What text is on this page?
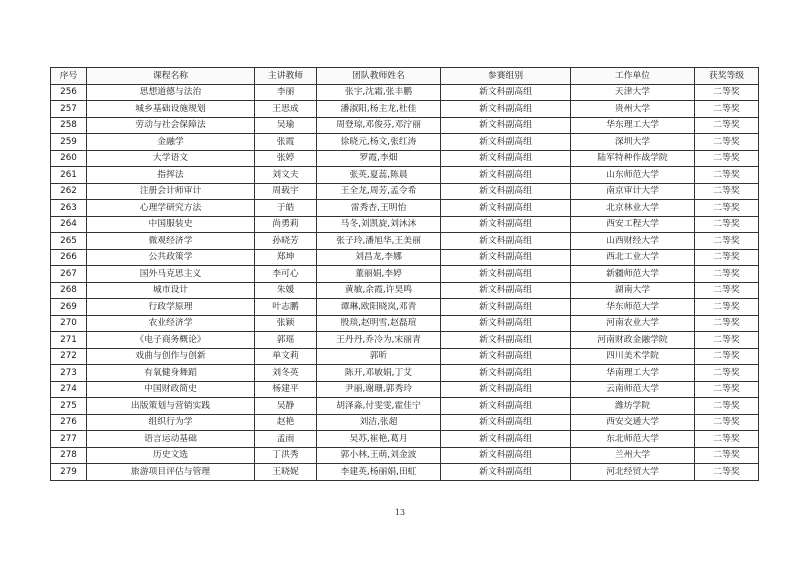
序号	课程名称	主讲教师	团队教师姓名	参赛组别	工作单位	获奖等级
256	思想道德与法治	李丽	张宇,沈霜,张丰鹏	新文科副高组	天津大学	二等奖
257	城乡基础设施规划	王思成	潘淑阳,杨主龙,杜佳	新文科副高组	贵州大学	二等奖
258	劳动与社会保障法	吴瑜	周登琼,邓俊芬,邓泞丽	新文科副高组	华东理工大学	二等奖
259	金融学	张霞	徐晓元,杨文,张红涛	新文科副高组	深圳大学	二等奖
260	大学语文	张婷	罗霞,李畑	新文科副高组	陆军特种作战学院	二等奖
261	指挥法	刘文夫	张英,夏蕊,陈晨	新文科副高组	山东师范大学	二等奖
262	注册会计师审计	周载宇	王全龙,周芳,孟令希	新文科副高组	南京审计大学	二等奖
263	心理学研究方法	于皓	雷秀杏,王明怡	新文科副高组	北京林业大学	二等奖
264	中国服装史	尚勇莉	马冬,刘凯旋,刘沐沐	新文科副高组	西安工程大学	二等奖
265	微观经济学	孙晓芳	张子玲,潘旭华,王美丽	新文科副高组	山西财经大学	二等奖
266	公共政策学	郑坤	刘昌龙,李娜	新文科副高组	西北工业大学	二等奖
267	国外马克思主义	李可心	董丽娟,李婷	新文科副高组	新疆师范大学	二等奖
268	城市设计	朱媛	黄敏,余霞,许昊鸣	新文科副高组	湖南大学	二等奖
269	行政学原理	叶志鹏	谭琳,欧阳晓岚,邓青	新文科副高组	华东师范大学	二等奖
270	农业经济学	张颖	殷琰,赵明雪,赵磊瑄	新文科副高组	河南农业大学	二等奖
271	《电子商务概论》	郭瑶	王丹丹,乔冷为,宋丽青	新文科副高组	河南财政金融学院	二等奖
272	戏曲与创作与创新	单文莉	郭昕	新文科副高组	四川美术学院	二等奖
273	有氧健身舞蹈	刘冬英	陈开,邓敏娟,丁艾	新文科副高组	华南理工大学	二等奖
274	中国财政简史	杨建平	尹丽,谢珊,郭秀玲	新文科副高组	云南师范大学	二等奖
275	出版策划与营销实践	吴静	胡泽淼,付雯雯,霍佳宁	新文科副高组	潍坊学院	二等奖
276	组织行为学	赵艳	刘洁,张超	新文科副高组	西安交通大学	二等奖
277	语言运动基础	孟雨	吴苏,崔艳,葛月	新文科副高组	东北师范大学	二等奖
278	历史文选	丁洪秀	郭小林,王萌,刘金波	新文科副高组	兰州大学	二等奖
279	旅游项目评估与管理	王晓妮	李建英,杨丽娟,田虹	新文科副高组	河北经贸大学	二等奖
13
